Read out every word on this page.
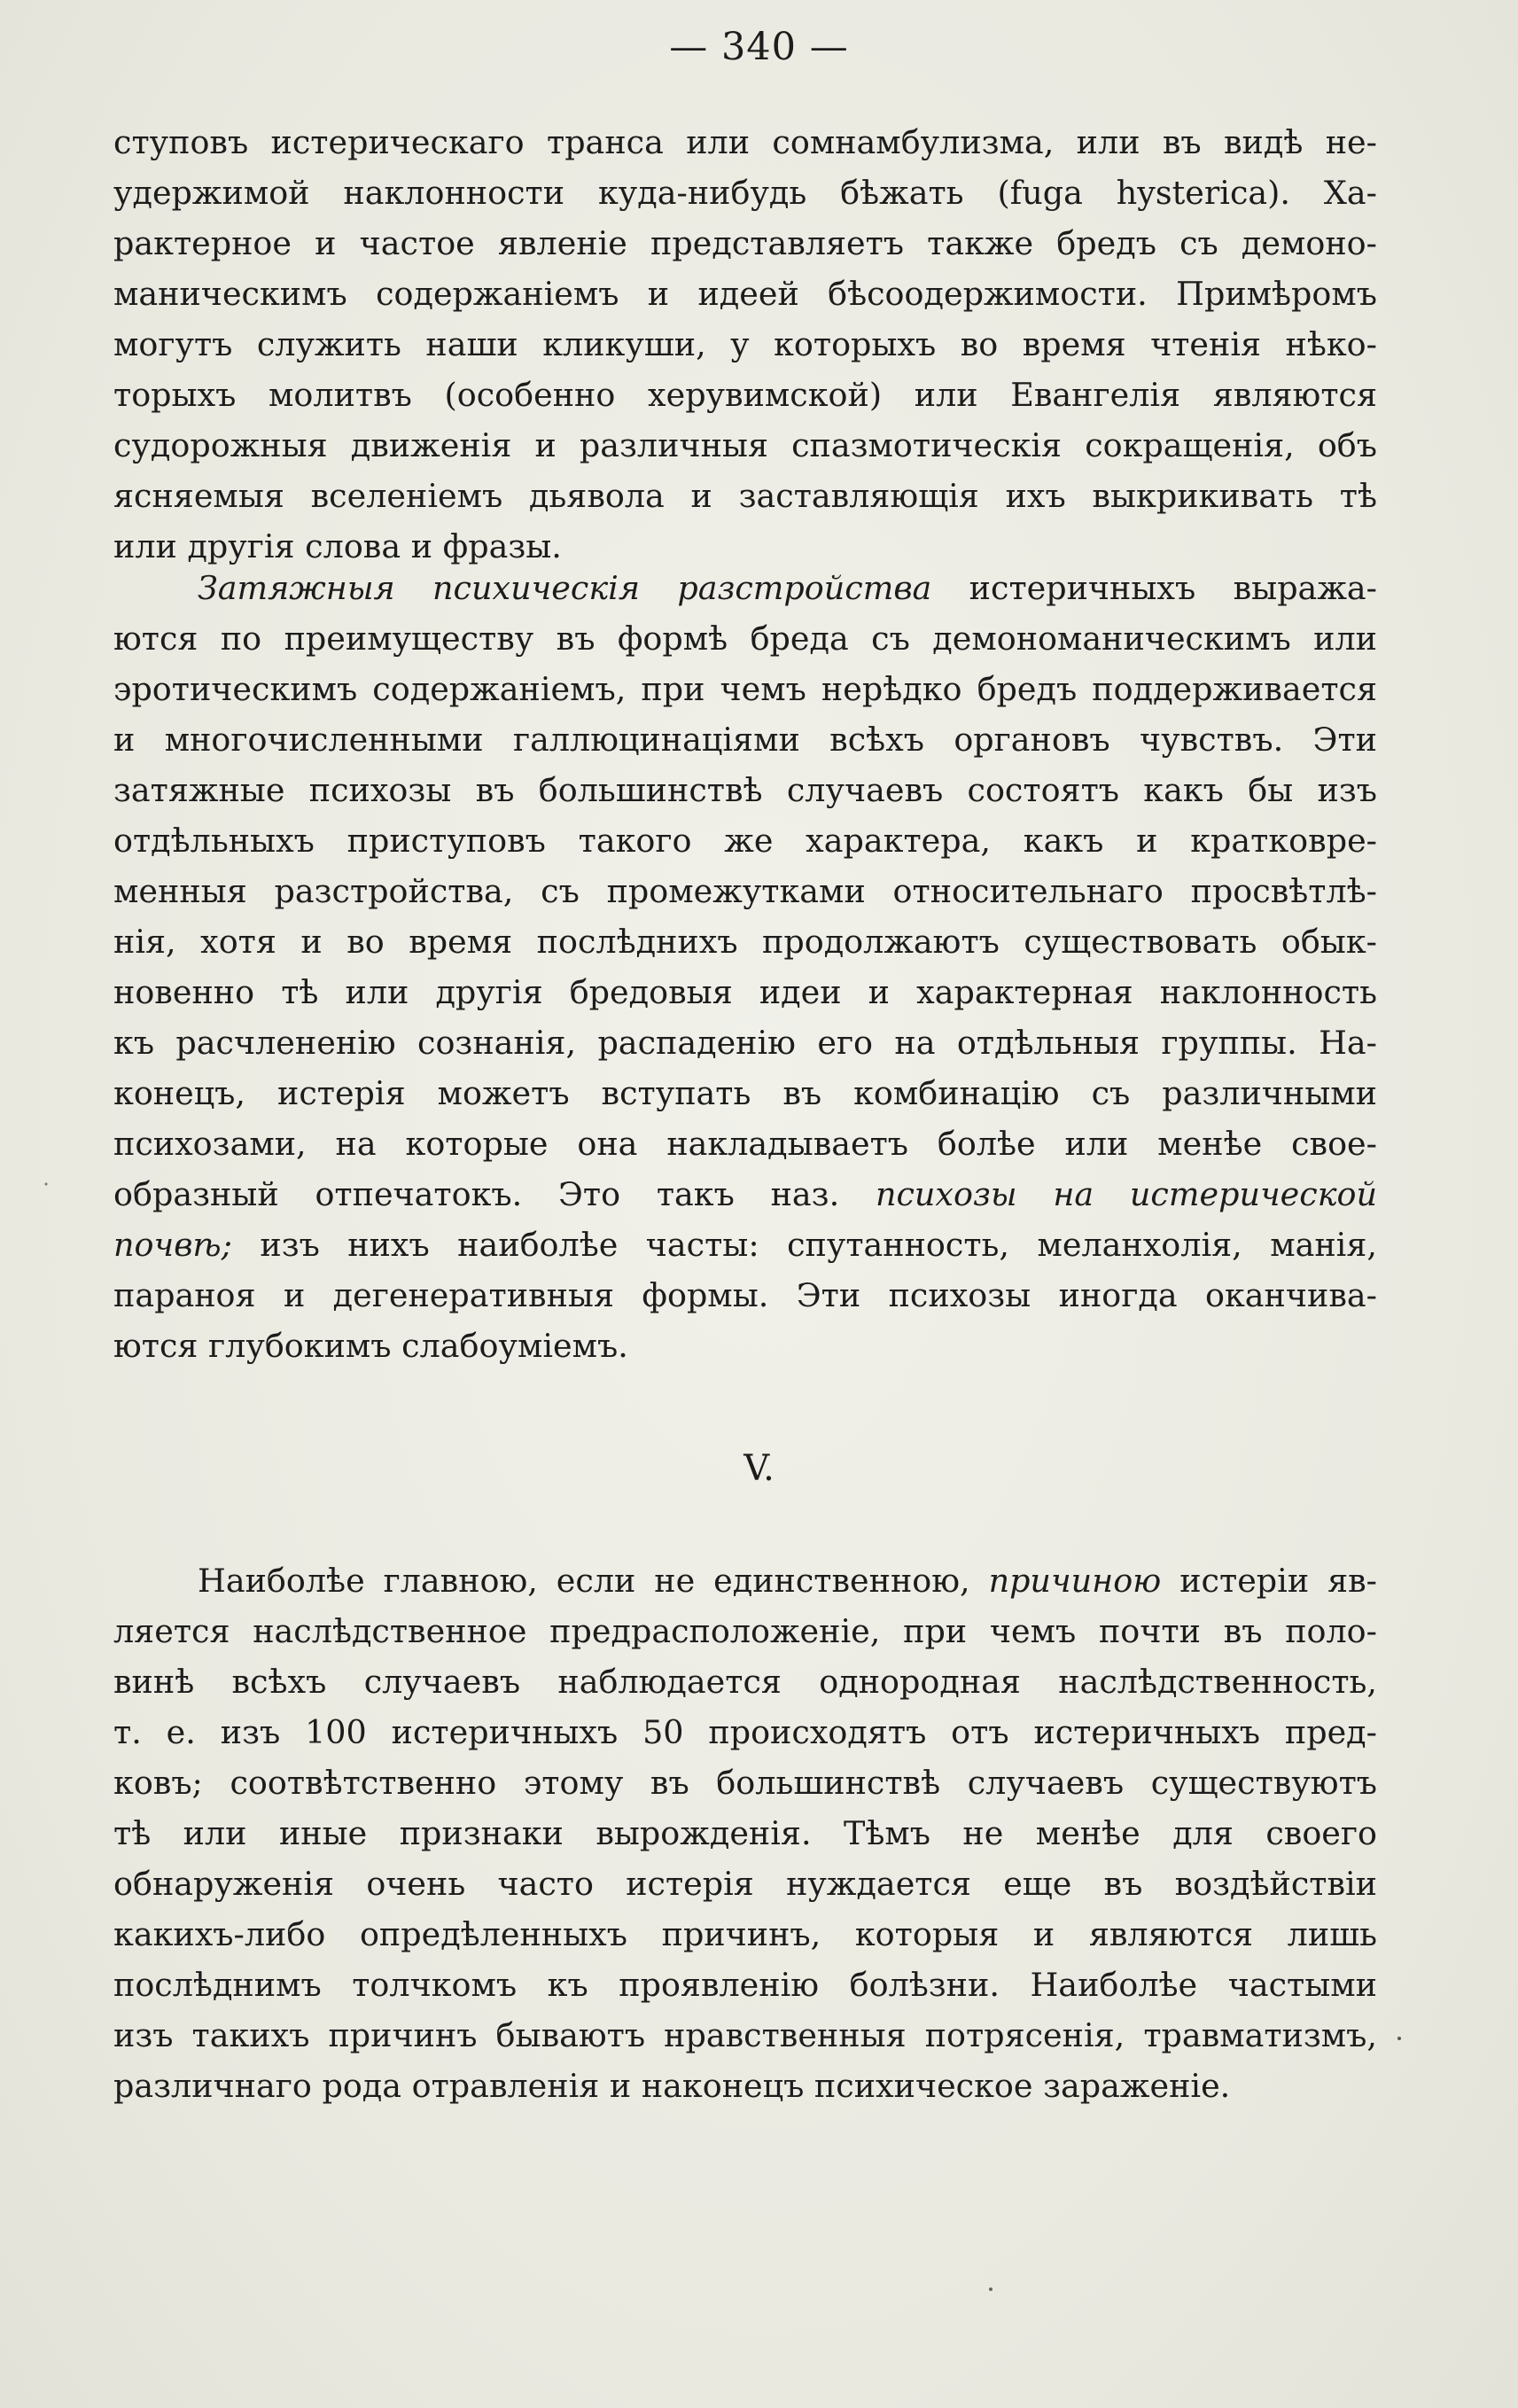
— 340 —
ступовъ истерическаго транса или сомнамбулизма, или въ видѣ не-
удержимой наклонности куда-нибудь бѣжать (fuga hysterica). Ха-
рактерное и частое явленіе представляетъ также бредъ съ демоно-
маническимъ содержаніемъ и идеей бѣсоодержимости. Примѣромъ
могутъ служить наши кликуши, у которыхъ во время чтенія нѣко-
торыхъ молитвъ (особенно херувимской) или Евангелія являются
судорожныя движенія и различныя спазмотическія сокращенія, объ
ясняемыя вселеніемъ дьявола и заставляющія ихъ выкрикивать тѣ
или другія слова и фразы.
Затяжныя психическія разстройства истеричныхъ выража-
ются по преимуществу въ формѣ бреда съ демономаническимъ или
эротическимъ содержаніемъ, при чемъ нерѣдко бредъ поддерживается
и многочисленными галлюцинаціями всѣхъ органовъ чувствъ. Эти
затяжные психозы въ большинствѣ случаевъ состоятъ какъ бы изъ
отдѣльныхъ приступовъ такого же характера, какъ и кратковре-
менныя разстройства, съ промежутками относительнаго просвѣтлѣ-
нія, хотя и во время послѣднихъ продолжаютъ существовать обык-
новенно тѣ или другія бредовыя идеи и характерная наклонность
къ расчлененію сознанія, распаденію его на отдѣльныя группы. На-
конецъ, истерія можетъ вступать въ комбинацію съ различными
психозами, на которые она накладываетъ болѣе или менѣе свое-
образный отпечатокъ. Это такъ наз. психозы на истерической
почвѣ; изъ нихъ наиболѣе часты: спутанность, меланхолія, манія,
параноя и дегенеративныя формы. Эти психозы иногда оканчива-
ются глубокимъ слабоуміемъ.
V.
Наиболѣе главною, если не единственною, причиною истеріи яв-
ляется наслѣдственное предрасположеніе, при чемъ почти въ поло-
винѣ всѣхъ случаевъ наблюдается однородная наслѣдственность,
т. е. изъ 100 истеричныхъ 50 происходятъ отъ истеричныхъ пред-
ковъ; соотвѣтственно этому въ большинствѣ случаевъ существуютъ
тѣ или иные признаки вырожденія. Тѣмъ не менѣе для своего
обнаруженія очень часто истерія нуждается еще въ воздѣйствіи
какихъ-либо опредѣленныхъ причинъ, которыя и являются лишь
послѣднимъ толчкомъ къ проявленію болѣзни. Наиболѣе частыми
изъ такихъ причинъ бываютъ нравственныя потрясенія, травматизмъ,
различнаго рода отравленія и наконецъ психическое зараженіе.
